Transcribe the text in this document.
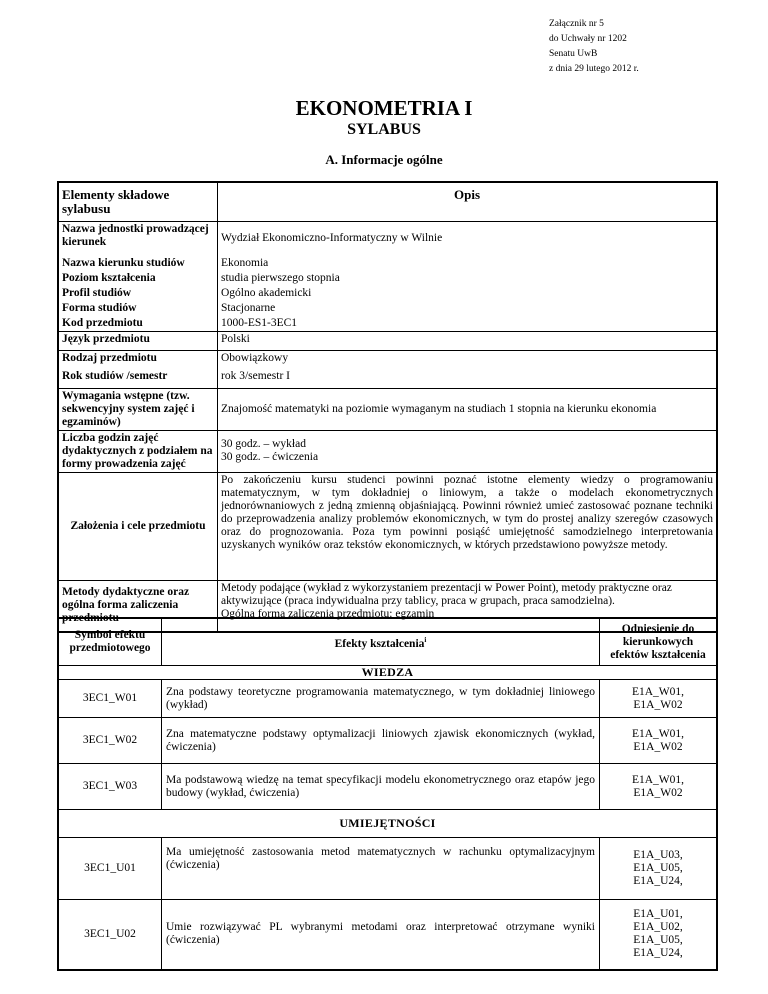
Załącznik nr 5
do Uchwały nr 1202
Senatu UwB
z dnia 29 lutego 2012 r.
EKONOMETRIA I
SYLABUS
A. Informacje ogólne
Elementy składowe sylabusu	Opis
Nazwa jednostki prowadzącej kierunek	Wydział Ekonomiczno-Informatyczny w Wilnie
Nazwa kierunku studiów	Ekonomia
Poziom kształcenia	studia pierwszego stopnia
Profil studiów	Ogólno akademicki
Forma studiów	Stacjonarne
Kod przedmiotu	1000-ES1-3EC1
Język przedmiotu	Polski
Rodzaj przedmiotu	Obowiązkowy
Rok studiów /semestr	rok 3/semestr I
Wymagania wstępne (tzw. sekwencyjny system zajęć i egzaminów)	Znajomość matematyki na poziomie wymaganym na studiach 1 stopnia na kierunku ekonomia
Liczba godzin zajęć dydaktycznych z podziałem na formy prowadzenia zajęć	30 godz. – wykład
30 godz. – ćwiczenia

Założenia i cele przedmiotu	Po zakończeniu kursu studenci powinni poznać istotne elementy wiedzy o programowaniu matematycznym, w tym dokładniej o liniowym, a także o modelach ekonometrycznych jednorównaniowych z jedną zmienną objaśniającą. Powinni również umieć zastosować poznane techniki do przeprowadzenia analizy problemów ekonomicznych, w tym do prostej analizy szeregów czasowych oraz do prognozowania. Poza tym powinni posiąść umiejętność samodzielnego interpretowania uzyskanych wyników oraz tekstów ekonomicznych, w których przedstawiono powyższe metody.
Metody dydaktyczne oraz ogólna forma zaliczenia przedmiotu	Metody podające (wykład z wykorzystaniem prezentacji w Power Point), metody praktyczne oraz aktywizujące (praca indywidualna przy tablicy, praca w grupach, praca samodzielna).
Ogólna forma zaliczenia przedmiotu: egzamin
Symbol efektu przedmiotowego	Efekty kształcenia$^i$	Odniesienie do kierunkowych efektów kształcenia
WIEDZA		
3EC1_W01	Zna podstawy teoretyczne programowania matematycznego, w tym dokładniej liniowego (wykład)	E1A_W01,
E1A_W02

3EC1_W02	Zna matematyczne podstawy optymalizacji liniowych zjawisk ekonomicznych (wykład, ćwiczenia)	E1A_W01,
E1A_W02

3EC1_W03	Ma podstawową wiedzę na temat specyfikacji modelu ekonometrycznego oraz etapów jego budowy (wykład, ćwiczenia)	E1A_W01,
E1A_W02

UMIEJĘTNOŚCI		
3EC1_U01	Ma umiejętność zastosowania metod matematycznych w rachunku optymalizacyjnym (ćwiczenia)	E1A_U03,
E1A_U05,
E1A_U24,

3EC1_U02	Umie rozwiązywać PL wybranymi metodami oraz interpretować otrzymane wyniki (ćwiczenia)	E1A_U01,
E1A_U02,
E1A_U05,
E1A_U24,
